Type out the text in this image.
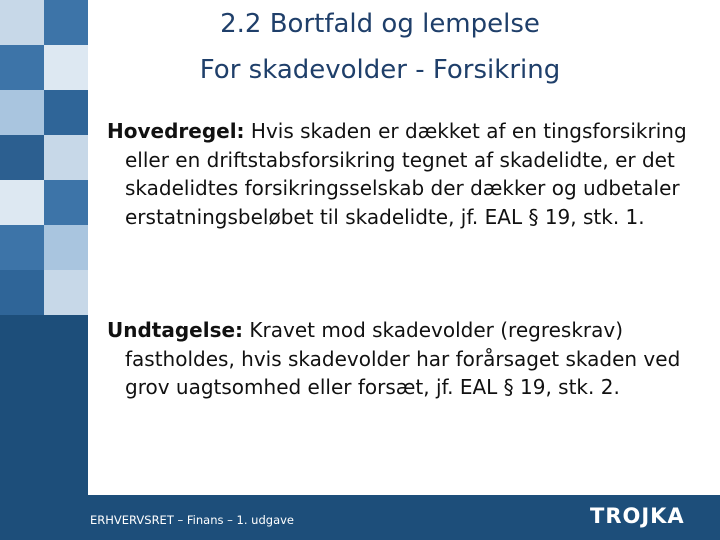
2.2 Bortfald og lempelse
For skadevolder - Forsikring

Hovedregel: Hvis skaden er dækket af en tingsforsikring eller en driftstabsforsikring tegnet af skadelidte, er det skadelidtes forsikringsselskab der dækker og udbetaler erstatningsbeløbet til skadelidte, jf. EAL § 19, stk. 1.

Undtagelse: Kravet mod skadevolder (regreskrav) fastholdes, hvis skadevolder har forårsaget skaden ved grov uagtsomhed eller forsæt, jf. EAL § 19, stk. 2.

ERHVERVSRET – Finans – 1. udgave	TROJKA
